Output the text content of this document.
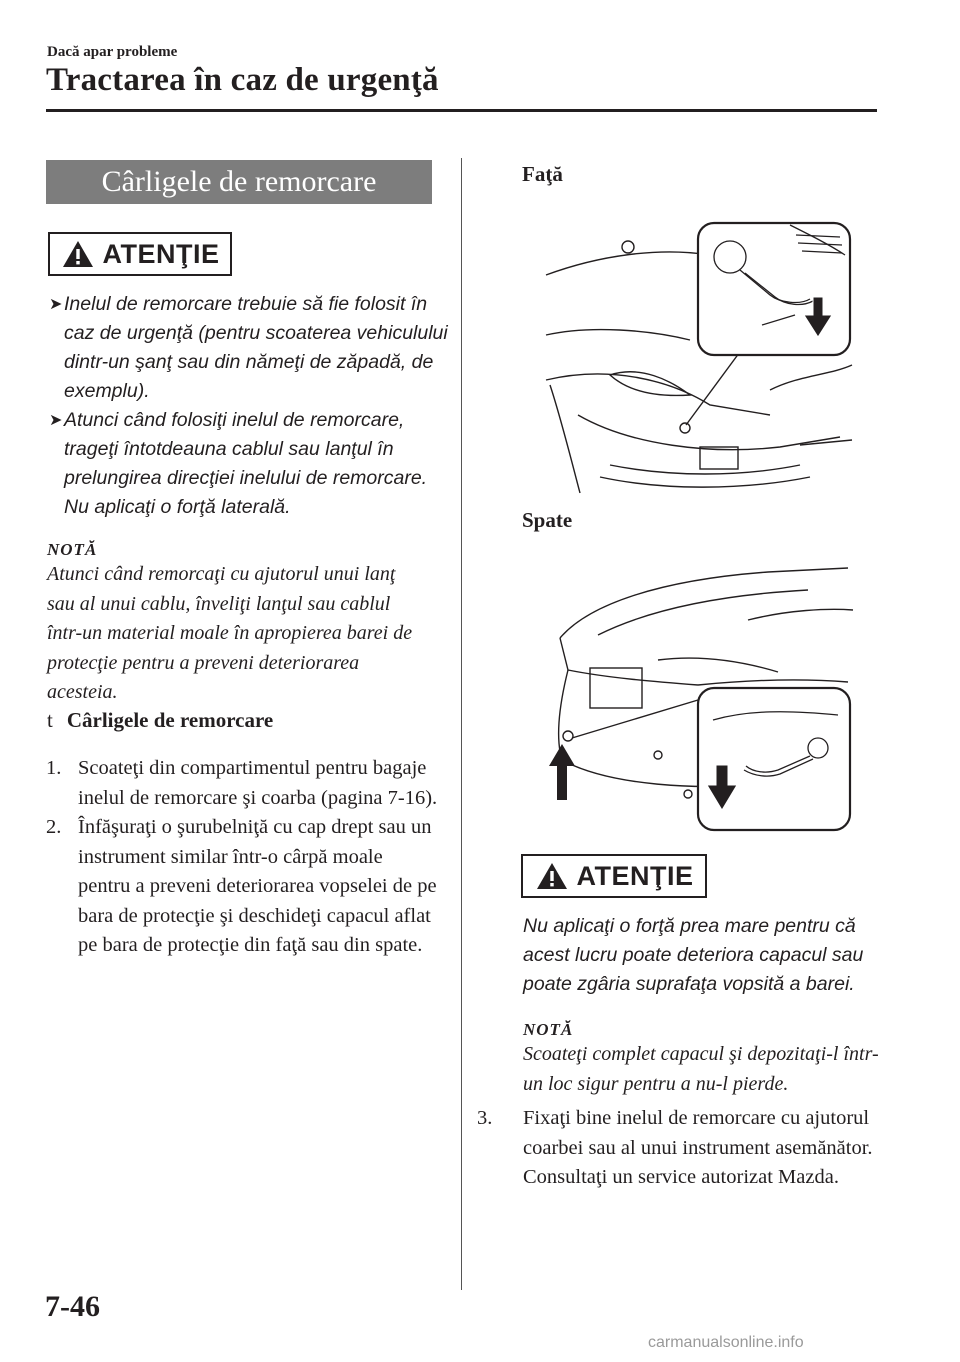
Dacă apar probleme
Tractarea în caz de urgenţă
Cârligele de remorcare
ATENŢIE
➤ Inelul de remorcare trebuie să fie folosit în caz de urgenţă (pentru scoaterea vehiculului dintr-un şanţ sau din nămeţi de zăpadă, de exemplu).
➤ Atunci când folosiţi inelul de remorcare, trageţi întotdeauna cablul sau lanţul în prelungirea direcţiei inelului de remorcare. Nu aplicaţi o forţă laterală.
NOTĂ
Atunci când remorcaţi cu ajutorul unui lanţ sau al unui cablu, înveliţi lanţul sau cablul într-un material moale în apropierea barei de protecţie pentru a preveni deteriorarea acesteia.
t Cârligele de remorcare
1. Scoateţi din compartimentul pentru bagaje inelul de remorcare şi coarba (pagina 7-16).
2. Înfăşuraţi o şurubelniţă cu cap drept sau un instrument similar într-o cârpă moale pentru a preveni deteriorarea vopselei de pe bara de protecţie şi deschideţi capacul aflat pe bara de protecţie din faţă sau din spate.
Faţă
Spate
ATENŢIE
Nu aplicaţi o forţă prea mare pentru că acest lucru poate deteriora capacul sau poate zgâria suprafaţa vopsită a barei.
NOTĂ
Scoateţi complet capacul şi depozitaţi-l într-un loc sigur pentru a nu-l pierde.
3. Fixaţi bine inelul de remorcare cu ajutorul coarbei sau al unui instrument asemănător.
Consultaţi un service autorizat Mazda.
7-46
carmanualsonline.info
